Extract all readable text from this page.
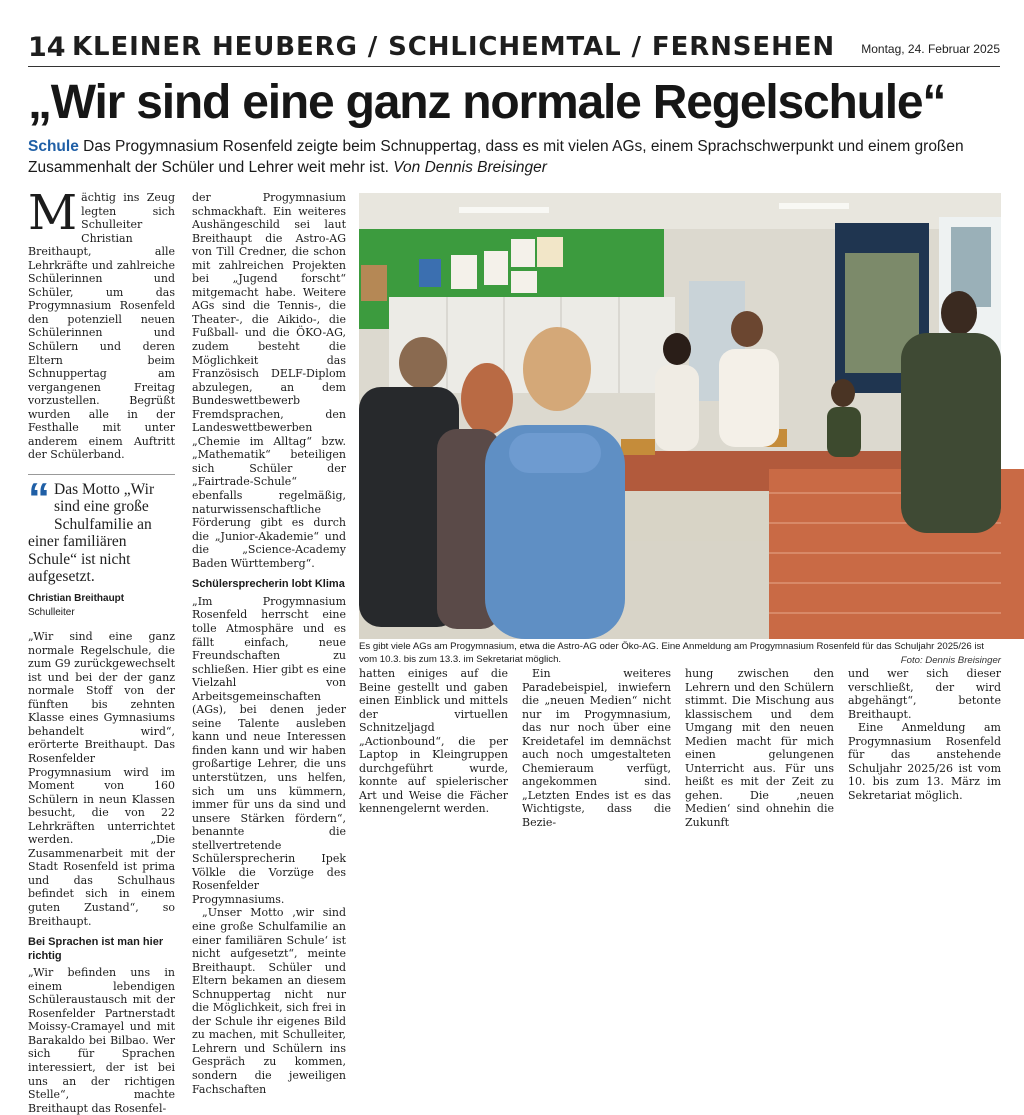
14 KLEINER HEUBERG / SCHLICHEMTAL / FERNSEHEN Montag, 24. Februar 2025
„Wir sind eine ganz normale Regelschule“
Schule Das Progymnasium Rosenfeld zeigte beim Schnuppertag, dass es mit vielen AGs, einem Sprachschwerpunkt und einem großen Zusammenhalt der Schüler und Lehrer weit mehr ist. Von Dennis Breisinger

Mächtig ins Zeug legten sich Schulleiter Christian Breithaupt, alle Lehrkräfte und zahlreiche Schülerinnen und Schüler, um das Progymnasium Rosenfeld den potenziell neuen Schülerinnen und Schülern und deren Eltern beim Schnuppertag am vergangenen Freitag vorzustellen. Begrüßt wurden alle in der Festhalle mit unter anderem einem Auftritt der Schülerband.

“ Das Motto „Wir sind eine große Schulfamilie an einer familiären Schule“ ist nicht aufgesetzt.
Christian Breithaupt
Schulleiter

„Wir sind eine ganz normale Regelschule, die zum G9 zurückgewechselt ist und bei der der ganz normale Stoff von der fünften bis zehnten Klasse eines Gymnasiums behandelt wird“, erörterte Breithaupt. Das Rosenfelder Progymnasium wird im Moment von 160 Schülern in neun Klassen besucht, die von 22 Lehrkräften unterrichtet werden. „Die Zusammenarbeit mit der Stadt Rosenfeld ist prima und das Schulhaus befindet sich in einem guten Zustand“, so Breithaupt.

Bei Sprachen ist man hier richtig

„Wir befinden uns in einem lebendigen Schüleraustausch mit der Rosenfelder Partnerstadt Moissy-Cramayel und mit Barakaldo bei Bilbao. Wer sich für Sprachen interessiert, der ist bei uns an der richtigen Stelle“, machte Breithaupt das Rosenfel-

der Progymnasium schmackhaft. Ein weiteres Aushängeschild sei laut Breithaupt die Astro-AG von Till Credner, die schon mit zahlreichen Projekten bei „Jugend forscht“ mitgemacht habe. Weitere AGs sind die Tennis-, die Theater-, die Aikido-, die Fußball- und die ÖKO-AG, zudem besteht die Möglichkeit das Französisch DELF-Diplom abzulegen, an dem Bundeswettbewerb Fremdsprachen, den Landeswettbewerben „Chemie im Alltag“ bzw. „Mathematik“ beteiligen sich Schüler der „Fairtrade-Schule“ ebenfalls regelmäßig, naturwissenschaftliche Förderung gibt es durch die „Junior-Akademie“ und die „Science-Academy Baden Württemberg“.

Schülersprecherin lobt Klima

„Im Progymnasium Rosenfeld herrscht eine tolle Atmosphäre und es fällt einfach, neue Freundschaften zu schließen. Hier gibt es eine Vielzahl von Arbeitsgemeinschaften (AGs), bei denen jeder seine Talente ausleben kann und neue Interessen finden kann und wir haben großartige Lehrer, die uns unterstützen, uns helfen, sich um uns kümmern, immer für uns da sind und unsere Stärken fördern“, benannte die stellvertretende Schülersprecherin Ipek Völkle die Vorzüge des Rosenfelder Progymnasiums.

„Unser Motto ‚wir sind eine große Schulfamilie an einer familiären Schule‘ ist nicht aufgesetzt“, meinte Breithaupt. Schüler und Eltern bekamen an diesem Schnuppertag nicht nur die Möglichkeit, sich frei in der Schule ihr eigenes Bild zu machen, mit Schulleiter, Lehrern und Schülern ins Gespräch zu kommen, sondern die jeweiligen Fachschaften

Es gibt viele AGs am Progymnasium, etwa die Astro-AG oder Öko-AG. Eine Anmeldung am Progymnasium Rosenfeld für das Schuljahr 2025/26 ist vom 10.3. bis zum 13.3. im Sekretariat möglich.	Foto: Dennis Breisinger

hatten einiges auf die Beine gestellt und gaben einen Einblick und mittels der virtuellen Schnitzeljagd „Actionbound“, die per Laptop in Kleingruppen durchgeführt wurde, konnte auf spielerischer Art und Weise die Fächer kennengelernt werden.

Ein weiteres Paradebeispiel, inwiefern die „neuen Medien“ nicht nur im Progymnasium, das nur noch über eine Kreidetafel im demnächst auch noch umgestalteten Chemieraum verfügt, angekommen sind. „Letzten Endes ist es das Wichtigste, dass die Bezie-

hung zwischen den Lehrern und den Schülern stimmt. Die Mischung aus klassischem und dem Umgang mit den neuen Medien macht für mich einen gelungenen Unterricht aus. Für uns heißt es mit der Zeit zu gehen. Die ‚neuen Medien‘ sind ohnehin die Zukunft

und wer sich dieser verschließt, der wird abgehängt“, betonte Breithaupt.

Eine Anmeldung am Progymnasium Rosenfeld für das anstehende Schuljahr 2025/26 ist vom 10. bis zum 13. März im Sekretariat möglich.
